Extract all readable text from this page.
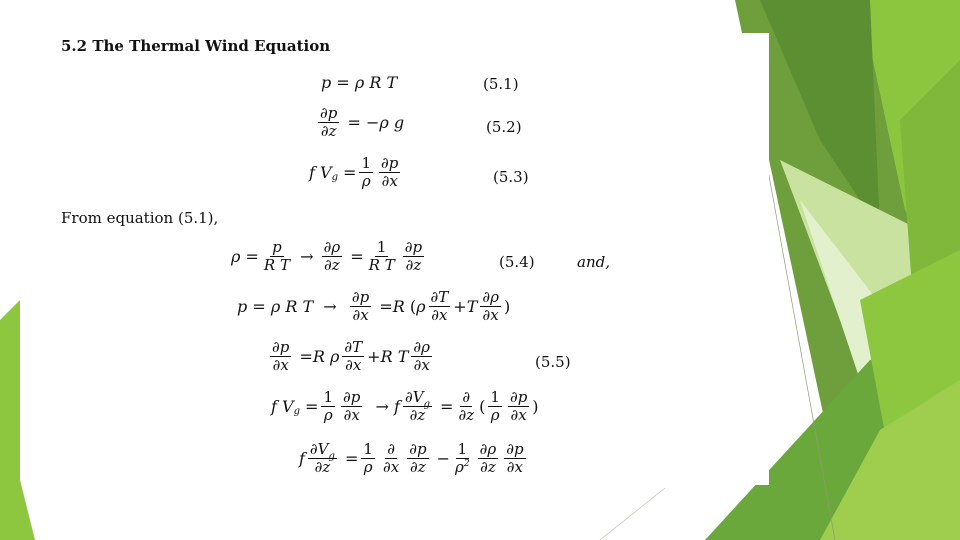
5.2 The Thermal Wind Equation
p = ρ R T	(5.1)
$\frac{\partial p}{\partial z}$ = − ρ g	(5.2)
f V $g = \frac{1}{\rho} \frac{\partial p}{\partial x}$	(5.3)
From equation (5.1),
$\rho = \frac{p}{\text{R T}} \to \frac{\partial\rho}{\partial z} = \frac{1}{\text{R T}} \frac{\partial p}{\partial z}$	(5.4)	and,
p = ρ R $T \to \frac{\partial p}{\partial x} = R$ ( ρ $\frac{\partial T}{\partial x} + T \frac{\partial\rho}{\partial x}$ )
$\frac{\partial p}{\partial x} = R$ ρ $\frac{\partial T}{\partial x} + R$ T $\frac{\partial\rho}{\partial x}$	(5.5)
f V $g = \frac{1}{\rho} \frac{\partial p}{\partial x} \to f \frac{\partial V_g}{\partial z} = \frac{\partial}{\partial z}$ ( $\frac{1}{\rho} \frac{\partial p}{\partial x}$ )
f $\frac{\partial V_g}{\partial z} = \frac{1}{\rho} \frac{\partial}{\partial x} \frac{\partial p}{\partial z} - \frac{1}{\rho^2} \frac{\partial\rho}{\partial z} \frac{\partial p}{\partial x}$
